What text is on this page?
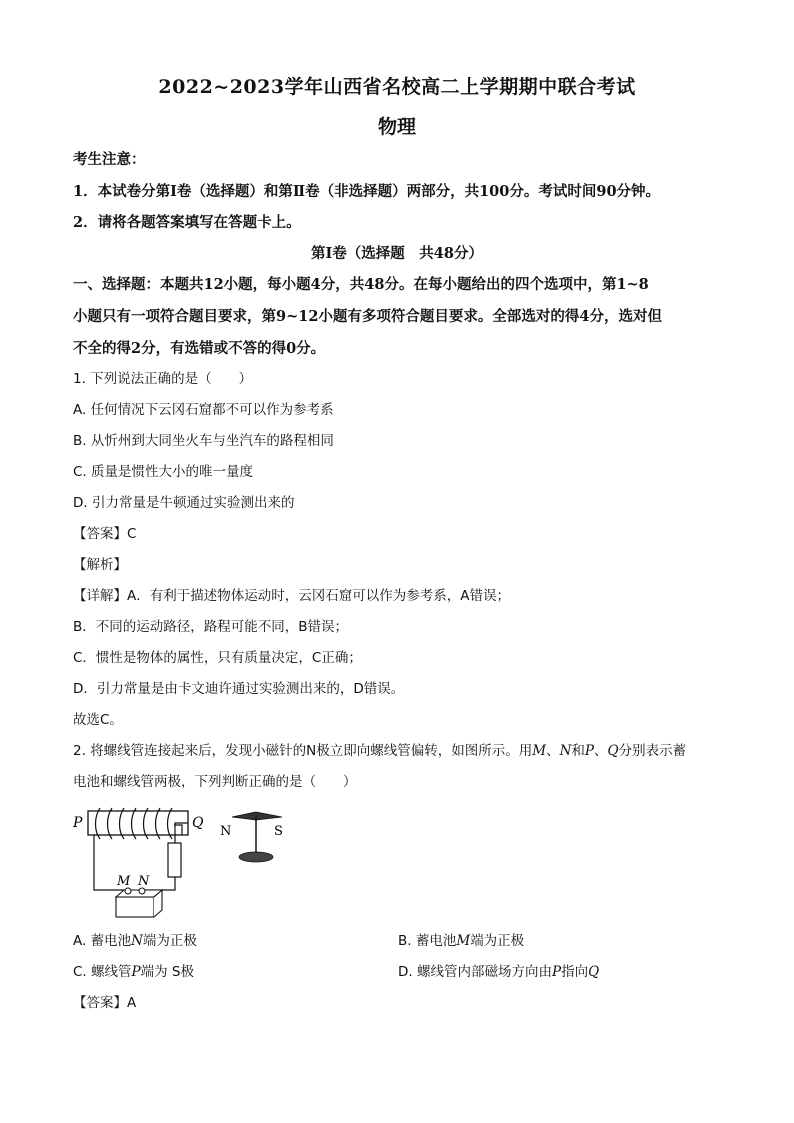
2022~2023学年山西省名校高二上学期期中联合考试
物理
考生注意：
1．本试卷分第Ⅰ卷（选择题）和第Ⅱ卷（非选择题）两部分，共100分。考试时间90分钟。
2．请将各题答案填写在答题卡上。
第Ⅰ卷（选择题　共48分）
一、选择题：本题共12小题，每小题4分，共48分。在每小题给出的四个选项中，第1~8
小题只有一项符合题目要求，第9~12小题有多项符合题目要求。全部选对的得4分，选对但
不全的得2分，有选错或不答的得0分。
1. 下列说法正确的是（　　）
A. 任何情况下云冈石窟都不可以作为参考系
B. 从忻州到大同坐火车与坐汽车的路程相同
C. 质量是惯性大小的唯一量度
D. 引力常量是牛顿通过实验测出来的
【答案】C
【解析】
【详解】A．有利于描述物体运动时，云冈石窟可以作为参考系，A错误；
B．不同的运动路径，路程可能不同，B错误；
C．惯性是物体的属性，只有质量决定，C正确；
D．引力常量是由卡文迪许通过实验测出来的，D错误。
故选C。
2. 将螺线管连接起来后，发现小磁针的N极立即向螺线管偏转，如图所示。用M、N和P、Q分别表示蓄
电池和螺线管两极，下列判断正确的是（　　）
P	Q
M N
N	S
A. 蓄电池N端为正极	B. 蓄电池M端为正极
C. 螺线管P端为 S极	D. 螺线管内部磁场方向由P指向Q
【答案】A
